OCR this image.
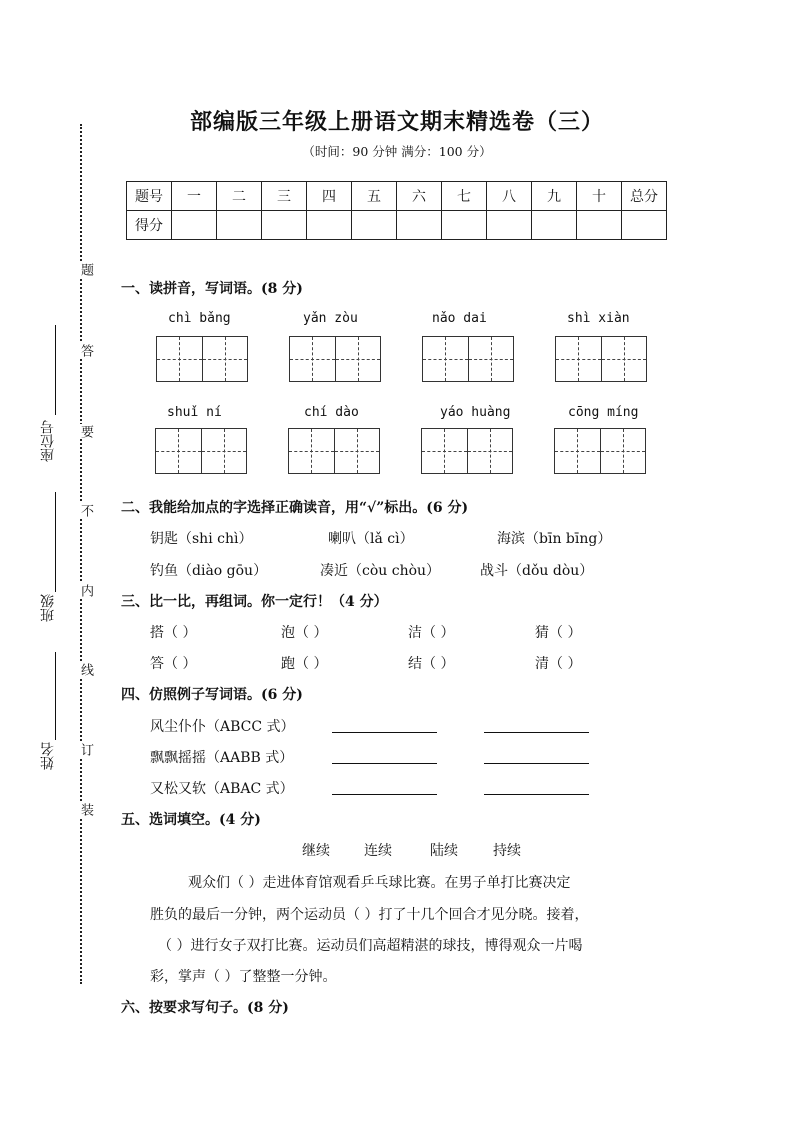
题
答
要
不
内
线
订
装
座位号
班级
姓名
部编版三年级上册语文期末精选卷（三）
（时间：90 分钟 满分：100 分）
题号	一	二	三	四	五	六	七	八	九	十	总分
得分											
一、读拼音，写词语。(8 分)
chì bǎng	yǎn zòu	nǎo dai	shì xiàn
shuǐ ní	chí dào	yáo huàng	cōng míng
二、我能给加点的字选择正确读音，用“√”标出。(6 分)
钥匙（shi chì）	喇叭（lǎ cì）	海滨（bīn bīng）
钓鱼（diào gōu）	凑近（còu chòu）	战斗（dǒu dòu）
三、比一比，再组词。你一定行！（4 分）
搭（ ）	泡（ ）	洁（ ）	猜（ ）
答（ ）	跑（ ）	结（ ）	清（ ）
四、仿照例子写词语。(6 分)
风尘仆仆（ABCC 式）
飘飘摇摇（AABB 式）
又松又软（ABAC 式）
五、选词填空。(4 分)
继续 连续	陆续	持续
观众们（ ）走进体育馆观看乒乓球比赛。在男子单打比赛决定
胜负的最后一分钟，两个运动员（ ）打了十几个回合才见分晓。接着，
（ ）进行女子双打比赛。运动员们高超精湛的球技，博得观众一片喝
彩，掌声（ ）了整整一分钟。
六、按要求写句子。(8 分)
